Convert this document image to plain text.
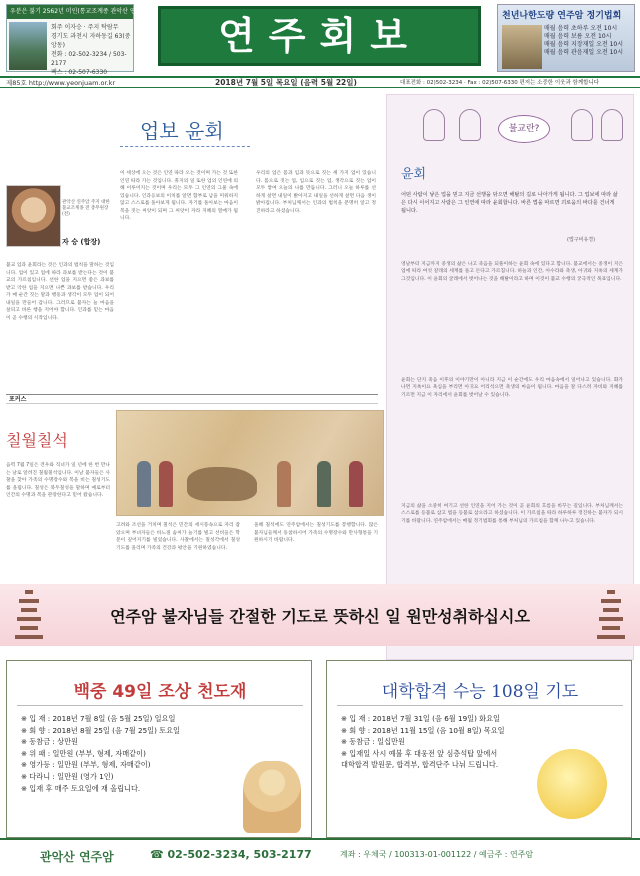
우분은 불기 2562년 미인(통교조계종 관악산 연주암
회주 이자승 · 주지 탁람무
경기도 과천시 자하동길 63(중앙동)
전화 : 02-502-3234 / 503-2177
팩스 : 02-507-6330
연주회보	천년나한도량 연주암 정기법회
매월 음력 초하루 오전 10시
매월 음력 보름 오전 10시
매월 음력 지장재일 오전 10시
매월 음력 관음재일 오전 10시
제85호 http://www.yeonjuam.or.kr	2018년 7월 5일 목요일 (음력 5월 22일)	대표전화 : 02)502-3234 · Fax : 02)507-6330 편저는 소중한 이웃과 함께합니다
업보 윤회
관악산 연주암 주지 대한불교조계종 전 총무원장 (전)
자 승 (합장)
불교 업과 윤회라는 것은 인과의 법칙을 말하는 것입니다. 업이 있고 업에 따라 과보를 받는다는 것이 불교의 가르침입니다. 선한 업을 지으면 좋은 과보를 받고 악한 업을 지으면 나쁜 과보를 받습니다. 우리가 매 순간 짓는 말과 행동과 생각이 모두 업이 되어 내일을 만들어 갑니다. 그러므로 불자는 늘 마음을 살피고 바른 행을 지어야 합니다. 인과를 믿는 마음이 곧 수행의 시작입니다.
이 세상에 오는 것은 인연 따라 오는 것이며 가는 것 또한 인연 따라 가는 것입니다. 휴지의 일 또한 업의 인연에 의해 이루어지는 것이며 우리는 모두 그 인연의 그물 속에 있습니다. 인과응보의 이치를 알면 함부로 남을 미워하지 않고 스스로를 돌아보게 됩니다. 자기를 돌아보는 마음이 복을 짓는 씨앗이 되며 그 씨앗이 자라 지혜의 열매가 됩니다.
우리의 업은 몸과 입과 뜻으로 짓는 세 가지 업이 있습니다. 몸으로 짓는 업, 입으로 짓는 업, 생각으로 짓는 업이 모두 쌓여 오늘의 나를 만듭니다. 그러니 오늘 하루를 선하게 살면 내일이 밝아지고 내일을 선하게 살면 다음 생이 밝아집니다. 부처님께서는 인과의 법칙을 분명히 알고 정진하라고 하셨습니다.
불교란?
윤회
어떤 사람이 낳은 업을 믿고 지금 선행을 닦으면 해탈의 길로 나아가게 됩니다. 그 업보에 따라 삶은 다시 이어지고 사람은 그 인연에 따라 윤회합니다. 바른 법을 따르면 괴로움의 바다를 건너게 됩니다.
(법구비유경)
영날부터 지금까지 중생의 삶은 나고 죽음을 되풀이하는 윤회 속에 있다고 합니다. 불교에서는 중생이 지은 업에 따라 여섯 갈래의 세계를 돌고 돈다고 가르칩니다. 하늘과 인간, 아수라와 축생, 아귀와 지옥의 세계가 그것입니다. 이 윤회의 굴레에서 벗어나는 것을 해탈이라고 하며 이것이 불교 수행의 궁극적인 목표입니다.
윤회는 단지 죽음 이후의 이야기만이 아니라 지금 이 순간에도 우리 마음속에서 일어나고 있습니다. 화가 나면 지옥이요 욕심을 부리면 아귀요 어리석으면 축생의 마음이 됩니다. 마음을 잘 다스려 자비와 지혜를 기르면 지금 이 자리에서 윤회를 벗어날 수 있습니다.
지금의 삶을 소중히 여기고 선한 인연을 지어 가는 것이 곧 윤회의 흐름을 바꾸는 길입니다. 부처님께서는 스스로를 등불로 삼고 법을 등불로 삼으라고 하셨습니다. 이 가르침을 따라 하루하루 정진하는 불자가 되시기를 바랍니다. 연주암에서는 매월 정기법회를 통해 부처님의 가르침을 함께 나누고 있습니다.
포커스
칠월칠석
음력 7월 7일은 견우와 직녀가 일 년에 한 번 만나는 날로 알려진 칠월칠석입니다. 이날 불자들은 사찰을 찾아 가족의 수명장수와 복을 비는 칠성기도를 올립니다. 칠성은 북두칠성을 말하며 예로부터 인간의 수명과 복을 관장한다고 믿어 왔습니다.
고려와 조선을 거치며 칠석은 민간의 세시풍속으로 자리 잡았으며 부녀자들은 바느질 솜씨가 늘기를 빌고 선비들은 학문이 깊어지기를 빌었습니다. 사찰에서는 칠성각에서 칠성기도를 올리며 가족의 건강과 평안을 기원하였습니다.
올해 칠석에도 연주암에서는 칠성기도를 봉행합니다. 많은 불자님들께서 동참하시어 가족의 수명장수와 만사형통을 기원하시기 바랍니다.
연주암 불자님들 간절한 기도로 뜻하신 일 원만성취하십시오
백중 49일 조상 천도재
※ 입 재 : 2018년 7월 8일 (음 5월 25일) 일요일
※ 회 향 : 2018년 8월 25일 (음 7월 25일) 토요일
※ 동참금 : 상만원
※ 위 패 : 일만원 (부부, 형제, 자매같이)
※ 영가등 : 일만원 (부부, 형제, 자매같이)
※ 다라니 : 일만원 (영가 1인)
※ 입재 후 매주 토요일에 재 올립니다.
대학합격 수능 108일 기도
※ 입 재 : 2018년 7월 31일 (음 6월 19일) 화요일
※ 회 향 : 2018년 11월 15일 (음 10월 8일) 목요일
※ 동참금 : 일십만원
※ 입재일 사시 예불 후 대웅전 앞 심층석탑 앞에서
대학합격 발원문, 합격부, 합격단주 나눠 드립니다.
관악산 연주암	☎ 02-502-3234, 503-2177	계좌 : 우체국 / 100313-01-001122 / 예금주 : 연주암
